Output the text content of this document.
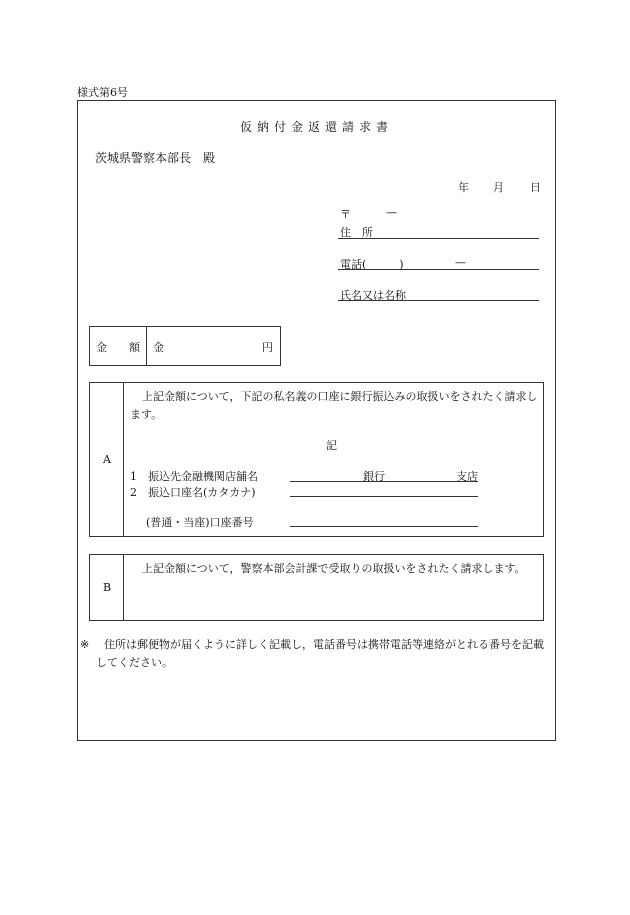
様式第6号
仮納付金返還請求書
茨城県警察本部長　殿
年 月 日
〒	—
住　所
電話(　　　)	—
氏名又は名称
金　　額 金	円
A
上記金額について，下記の私名義の口座に銀行振込みの取扱いをされたく請求します。
記
1　振込先金融機関店舗名	銀行	支店
2　振込口座名(カタカナ)
(普通・当座)口座番号
B
上記金額について，警察本部会計課で受取りの取扱いをされたく請求します。
※	住所は郵便物が届くように詳しく記載し，電話番号は携帯電話等連絡がとれる番号を記載してください。
